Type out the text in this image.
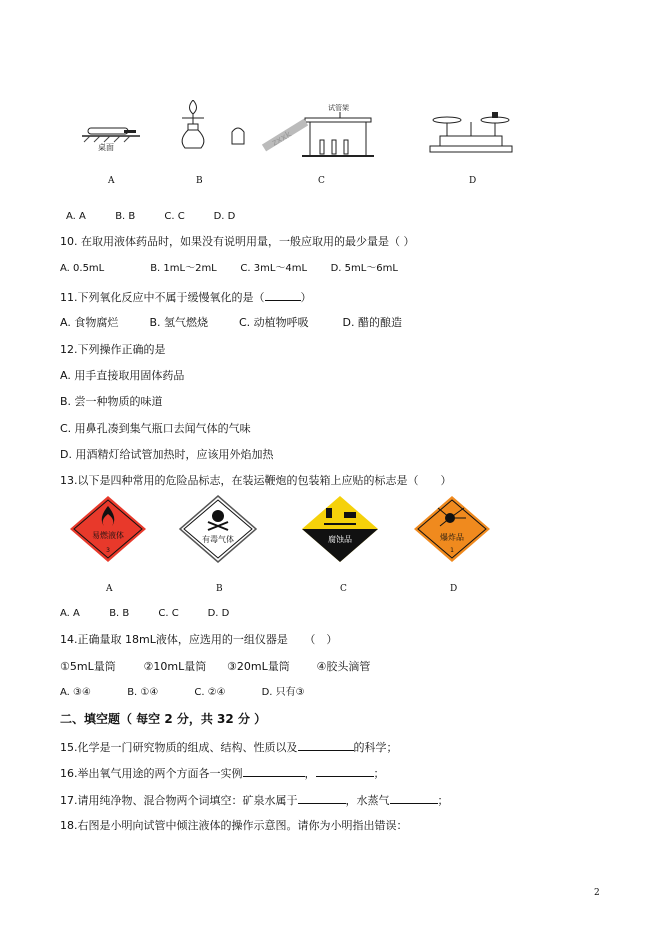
桌面
试管架
zxxk
A	B	C	D
A. A	B. B	C. C	D. D
10. 在取用液体药品时，如果没有说明用量，一般应取用的最少量是（ ）
A. 0.5mL	B. 1mL～2mL C. 3mL～4mL D. 5mL～6mL
11.下列氧化反应中不属于缓慢氧化的是（	）
A. 食物腐烂	B. 氢气燃烧	C. 动植物呼吸	D. 醋的酿造
12.下列操作正确的是
A. 用手直接取用固体药品
B. 尝一种物质的味道
C. 用鼻孔凑到集气瓶口去闻气体的气味
D. 用酒精灯给试管加热时，应该用外焰加热
13.以下是四种常用的危险品标志，在装运鞭炮的包装箱上应贴的标志是（　　）
易燃液体
3
有毒气体	腐蚀品	爆炸品
1
A	B	C	D
A. A	B. B	C. C	D. D
14.正确量取 18mL液体，应选用的一组仪器是　　（　）
①5mL量筒	②10mL量筒 ③20mL量筒 ④胶头滴管
A. ③④	B. ①④	C. ②④	D. 只有③
二、填空题（ 每空 2 分，共 32 分 ）
15.化学是一门研究物质的组成、结构、性质以及	的科学；
16.举出氧气用途的两个方面各一实例	，	；
17.请用纯净物、混合物两个词填空：矿泉水属于	，水蒸气	；
18.右图是小明向试管中倾注液体的操作示意图。请你为小明指出错误：
2
